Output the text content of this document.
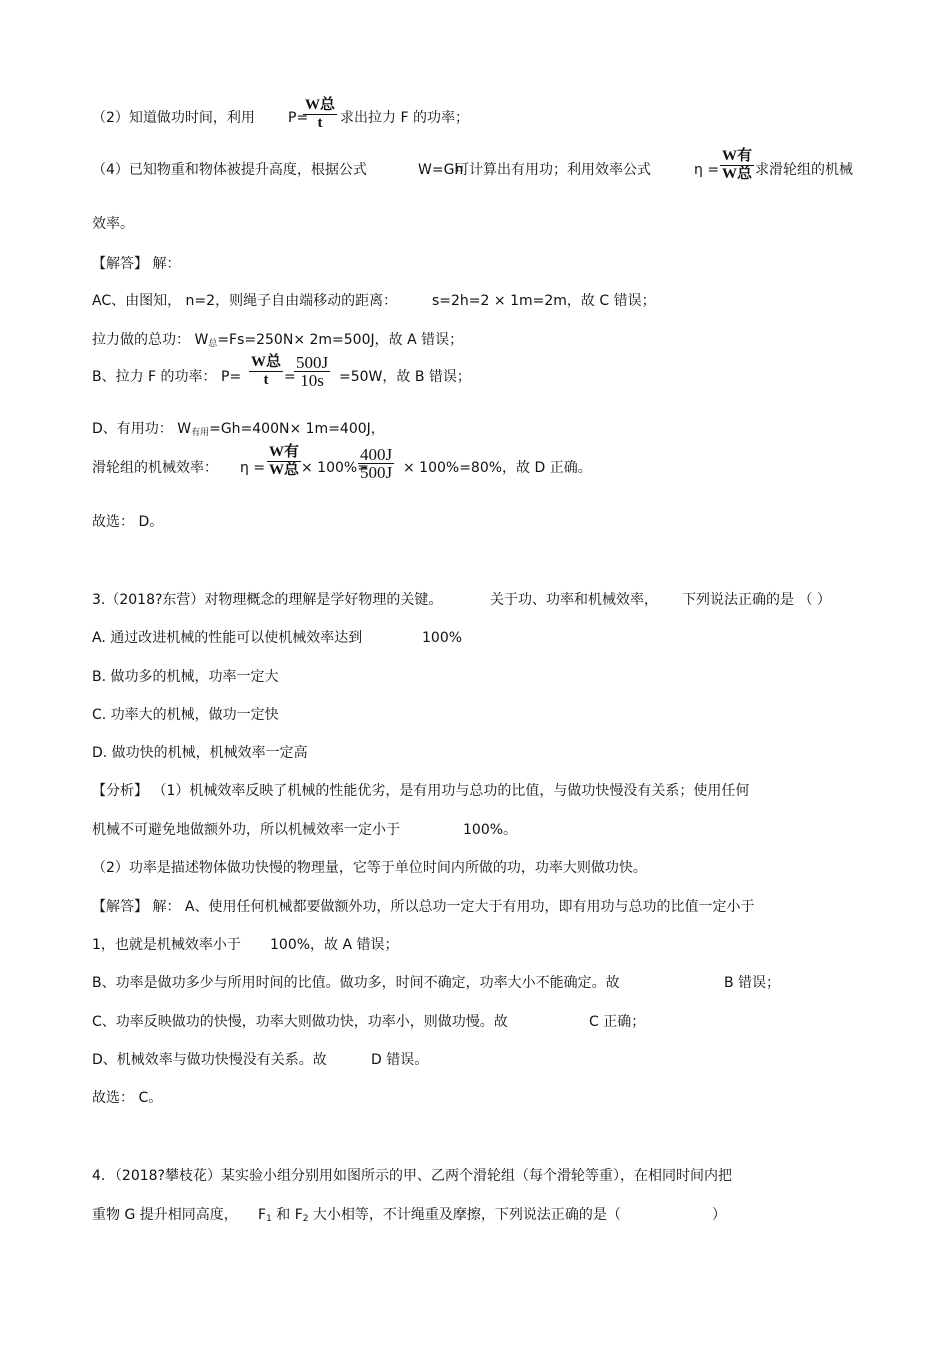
（2）知道做功时间，利用 P=
W总
t 求出拉力 F 的功率；
（4）已知物重和物体被提升高度，根据公式	W=Gh
可计算出有用功；利用效率公式	η =
W有
W总 求滑轮组的机械
效率。
【解答】 解：
AC、由图知， n=2，则绳子自由端移动的距离： s=2h=2 × 1m=2m，故 C 错误；
拉力做的总功： $W_总=Fs=250N\times 2m=500J$，故 A 错误；
B、拉力 F 的功率： P=
W总
t =
500J
10s =50W，故 B 错误；
D、有用功： $W_{有用}=Gh=400N\times 1m=400J$，
滑轮组的机械效率： η =
W有
W总 × 100%=
400J
500J × 100%=80%，故 D 正确。
故选： D。
3.（2018?东营）对物理概念的理解是学好物理的关键。	关于功、功率和机械效率， 下列说法正确的是 （ ）
A. 通过改进机械的性能可以使机械效率达到	100%
B. 做功多的机械，功率一定大
C. 功率大的机械，做功一定快
D. 做功快的机械，机械效率一定高
【分析】 （1）机械效率反映了机械的性能优劣，是有用功与总功的比值，与做功快慢没有关系；使用任何
机械不可避免地做额外功，所以机械效率一定小于	100%。
（2）功率是描述物体做功快慢的物理量，它等于单位时间内所做的功，功率大则做功快。
【解答】 解： A、使用任何机械都要做额外功，所以总功一定大于有用功，即有用功与总功的比值一定小于
1，也就是机械效率小于 100%，故 A 错误；
B、功率是做功多少与所用时间的比值。做功多，时间不确定，功率大小不能确定。故	B 错误；
C、功率反映做功的快慢，功率大则做功快，功率小，则做功慢。故	C 正确；
D、机械效率与做功快慢没有关系。故	D 错误。
故选： C。
4．（2018?攀枝花）某实验小组分别用如图所示的甲、乙两个滑轮组（每个滑轮等重），在相同时间内把
重物 G 提升相同高度， $F_1$ 和 $F_2$ 大小相等，不计绳重及摩擦，下列说法正确的是（	）
